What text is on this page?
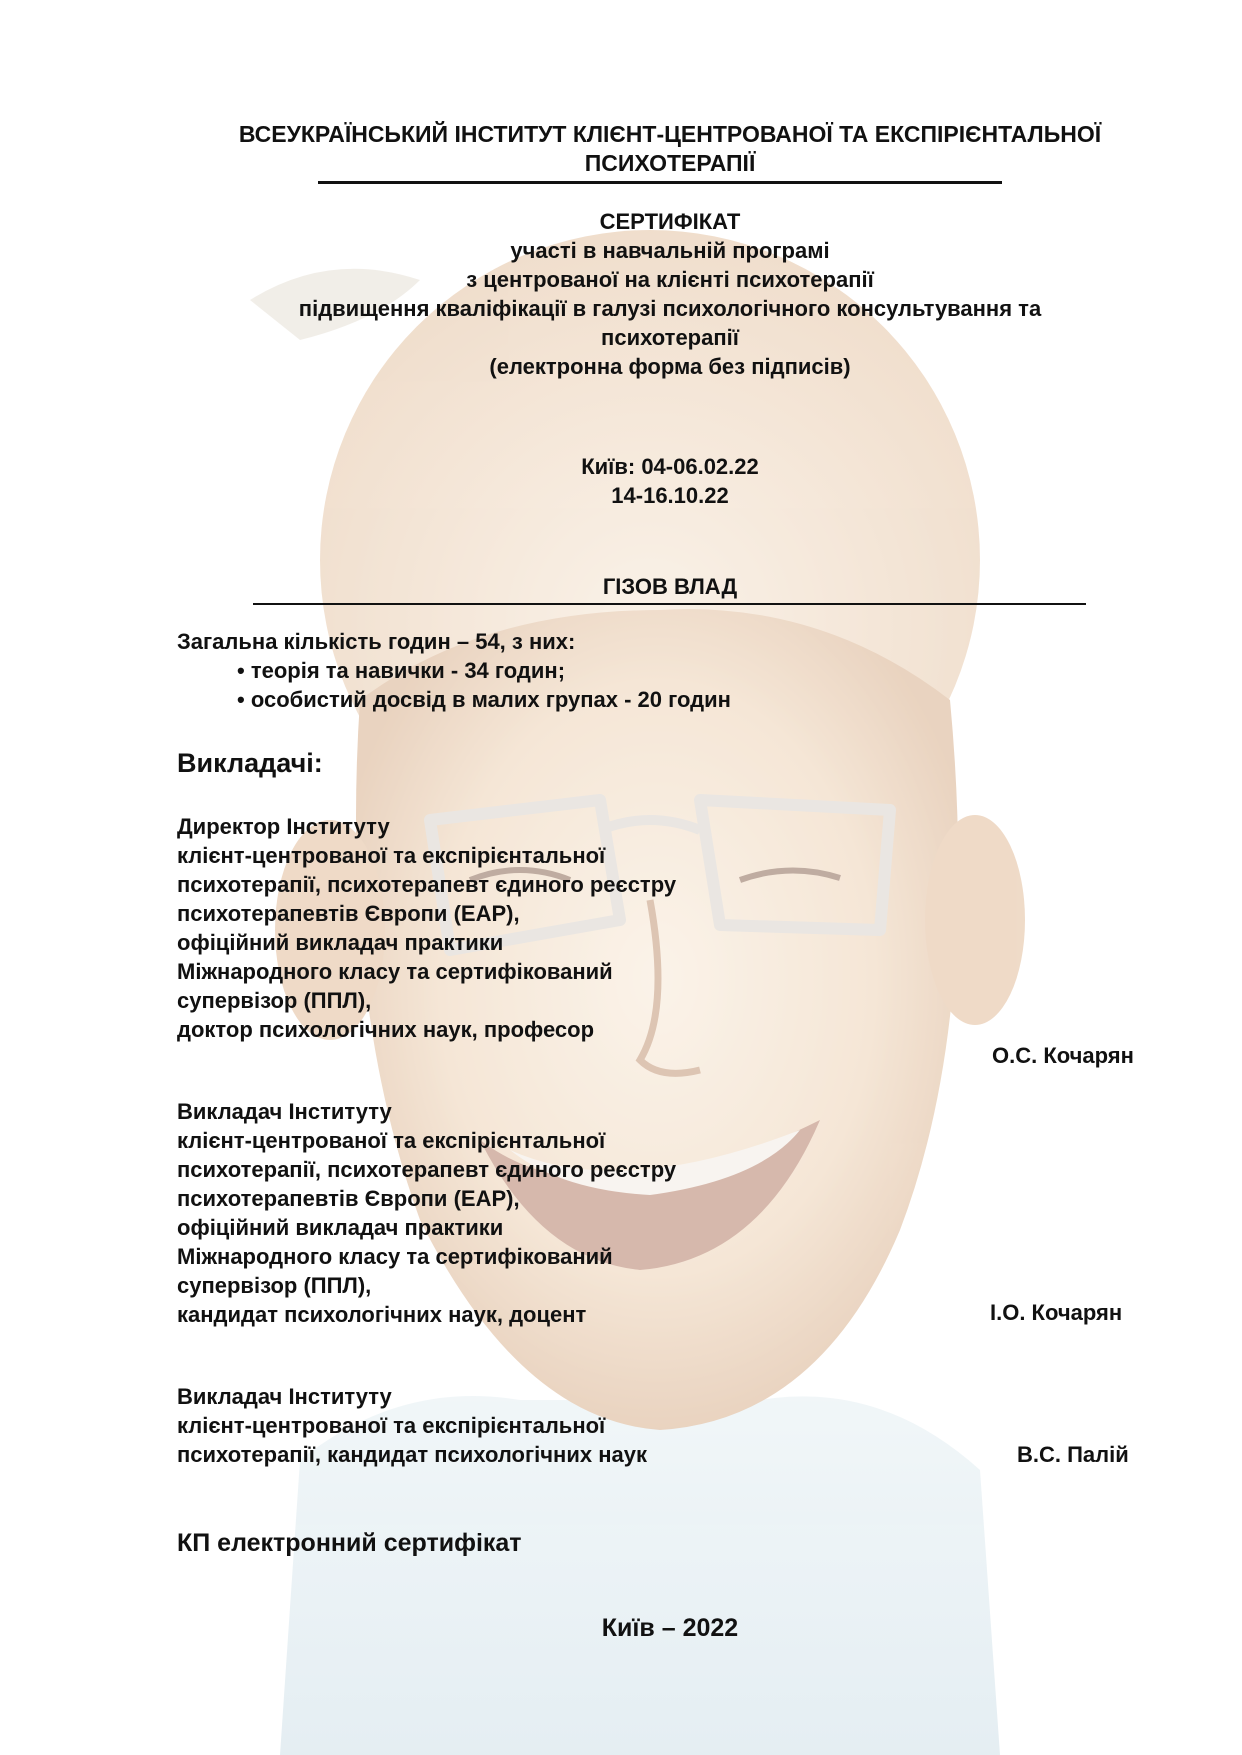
ВСЕУКРАЇНСЬКИЙ ІНСТИТУТ КЛІЄНТ-ЦЕНТРОВАНОЇ ТА ЕКСПІРІЄНТАЛЬНОЇ
ПСИХОТЕРАПІЇ
СЕРТИФІКАТ
участі в навчальній програмі
з центрованої на клієнті психотерапії
підвищення кваліфікації в галузі психологічного консультування та
психотерапії
(електронна форма без підписів)
Київ: 04-06.02.22
14-16.10.22
ГІЗОВ ВЛАД
Загальна кількість годин – 54, з них:
• теорія та навички - 34 годин;
• особистий досвід в малих групах - 20 годин
Викладачі:
Директор Інституту
клієнт-центрованої та експірієнтальної
психотерапії, психотерапевт єдиного реєстру
психотерапевтів Європи (ЕАР),
офіційний викладач практики
Міжнародного класу та сертифікований
супервізор (ППЛ),
доктор психологічних наук, професор
О.С. Кочарян
Викладач Інституту
клієнт-центрованої та експірієнтальної
психотерапії, психотерапевт єдиного реєстру
психотерапевтів Європи (ЕАР),
офіційний викладач практики
Міжнародного класу та сертифікований
супервізор (ППЛ),
кандидат психологічних наук, доцент	І.О. Кочарян
Викладач Інституту
клієнт-центрованої та експірієнтальної
психотерапії, кандидат психологічних наук	В.С. Палій
КП електронний сертифікат
Київ – 2022
